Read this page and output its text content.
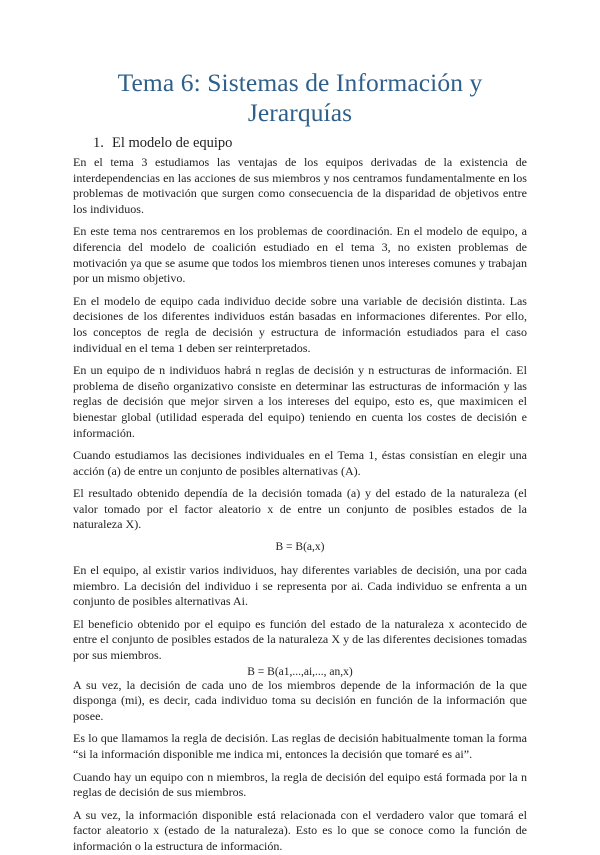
Tema 6: Sistemas de Información y Jerarquías
1. El modelo de equipo

En el tema 3 estudiamos las ventajas de los equipos derivadas de la existencia de interdependencias en las acciones de sus miembros y nos centramos fundamentalmente en los problemas de motivación que surgen como consecuencia de la disparidad de objetivos entre los individuos.

En este tema nos centraremos en los problemas de coordinación. En el modelo de equipo, a diferencia del modelo de coalición estudiado en el tema 3, no existen problemas de motivación ya que se asume que todos los miembros tienen unos intereses comunes y trabajan por un mismo objetivo.

En el modelo de equipo cada individuo decide sobre una variable de decisión distinta. Las decisiones de los diferentes individuos están basadas en informaciones diferentes. Por ello, los conceptos de regla de decisión y estructura de información estudiados para el caso individual en el tema 1 deben ser reinterpretados.

En un equipo de n individuos habrá n reglas de decisión y n estructuras de información. El problema de diseño organizativo consiste en determinar las estructuras de información y las reglas de decisión que mejor sirven a los intereses del equipo, esto es, que maximicen el bienestar global (utilidad esperada del equipo) teniendo en cuenta los costes de decisión e información.

Cuando estudiamos las decisiones individuales en el Tema 1, éstas consistían en elegir una acción (a) de entre un conjunto de posibles alternativas (A).

El resultado obtenido dependía de la decisión tomada (a) y del estado de la naturaleza (el valor tomado por el factor aleatorio x de entre un conjunto de posibles estados de la naturaleza X).

B = B(a,x)

En el equipo, al existir varios individuos, hay diferentes variables de decisión, una por cada miembro. La decisión del individuo i se representa por ai. Cada individuo se enfrenta a un conjunto de posibles alternativas Ai.

El beneficio obtenido por el equipo es función del estado de la naturaleza x acontecido de entre el conjunto de posibles estados de la naturaleza X y de las diferentes decisiones tomadas por sus miembros.

B = B(a1,...,ai,..., an,x)

A su vez, la decisión de cada uno de los miembros depende de la información de la que disponga (mi), es decir, cada individuo toma su decisión en función de la información que posee.

Es lo que llamamos la regla de decisión. Las reglas de decisión habitualmente toman la forma “si la información disponible me indica mi, entonces la decisión que tomaré es ai”.

Cuando hay un equipo con n miembros, la regla de decisión del equipo está formada por la n reglas de decisión de sus miembros.

A su vez, la información disponible está relacionada con el verdadero valor que tomará el factor aleatorio x (estado de la naturaleza). Esto es lo que se conoce como la función de información o la estructura de información.
